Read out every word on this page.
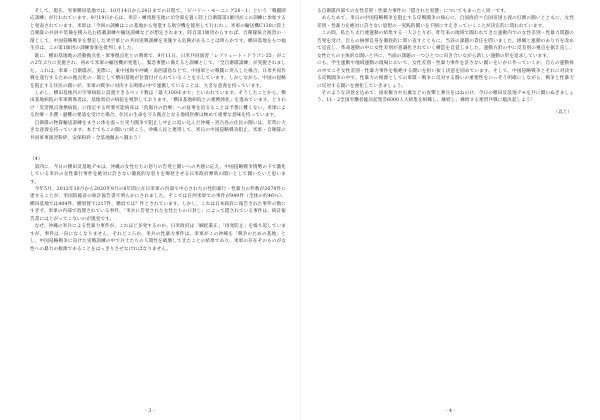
そして、現在、米軍横田基地では、10月14日から24日までの日程で、「ビバリー・モーニング26－1」という「戦闘即応訓練」が行われています。9月19日からは、米京・練馬駐屯地に司令部を置く陸上自衛隊第1師団がこの訓練に参加すると発表されています。米軍は「今回の訓練はこの基地から発進する航空機を使用して行われ」、米軍の輸送機C130に陸上自衛隊の兵員や装備を積み込む搭載訓練や輸送訓練などが想定されます。陸自第1師団からすれば、自衛隊統合演習の一環として、中国侵略戦争を想定した米空軍との共同実戦訓練を実施する危険があることは明らかです。横田基地をもつ福生市は、この第1師団の訓練参加を批判しました。

既に、横田基地地の活動拠点化・軍事拠点化との関係で、9月11日、日米共同演習「レゾリュート・ドラゴン25」がこの2年ぶりに実施され、初めて米軍の輸送機が発進し、緊急事態に備えると訓練として、「全自衛隊訓練」が実施されました。これは、米軍・自衛隊が、実際に、東中国海や沖縄・南西諸島などで、中国軍との戦闘に突入した場合、日米共同作戦を遂行するための拠点化の一環として横田基地が位置付けられていることを示しています。しかしながら、中国の侵略を阻止する住民の闘いが、米軍の戦争に対決する関係の中で運搬していることは、大きな意義を持っています。

しかし、横田基地内の空軍病院に設置できるベッド数は「最大100床まで」といわれています。そうしたことから、横田基地病院の米軍関係者は、基地周辺の病院を視察しております。「横田基地病院との連携強化」を進めています。とりわけ「災害拠点連携病院」に指定する所要可能病床は「負傷兵の治療」への従事を迫るることは予想に難くない。米軍による医療・介護・避難の要請を受けた場合、住民の生命を守る拠点となる地域医療は極めて重要な意味を持っています。

自衛隊の物資輸送訓練をまさに体を張った実力闘争で阻止し中止に追い込んだ沖縄・宮古島の住民の闘いは、非常に大きな意義を持っています。本土でもこの闘いに続こう。沖縄人民と連帯して、米日の中国侵略戦争阻止、米軍・自衛隊の共同軍事演習粉砕、安保粉砕・全基地撤去へ闘おう！

（4）

第四に、今日の横田反基地デモは、沖縄の女性たちの怒りの告発と闘いへの共感に応え、中国侵略戦争情勢の下で激化している米兵の女性暴行事件を絶対に許さない徹底的な怒りを爆発させる日米政府弾劾の闘いとして闘いたいと思います。

今年5月、2012年10月から2020年9月の8年間に在日米軍の内部で中心されたの性的暴行・性暴力の件数が2070件に達することが、米国防総省の統計報告書で明らかにされました。そこでは在沖米軍での事件が949件（全体の約46％）、横田基地では404件、横須賀では17件、横浜では？件とされています。しかし、これは日本政府に報告された事件の数にすぎず、米軍の内部で処理されている事件、「米兵に告発された女性たちの口封じ」によって隠されている事件は、統計報告書には上がってこないのが現実です。

なぜ、沖縄の米兵による性暴力事件が、これほど多発するのか。日米政府は「綱紀粛正」「再発防止」を繰り返していますが、事件は一向になくなりません。それどころか、米兵の性暴力事件は、米軍がこの沖縄を「戦争のための基地」とし、中国侵略戦争に向けた実戦訓練の中で兵士たちの人間性を破壊してきたことの結果であり、米軍の存在そのものが女性への暴力の根源であることをはっきりさせなければなりません。

- 3 -

る自衛隊内部での女性差別・性暴力事件の「隠された実態」についてもまったく同一です。

あらためて、米日の中国侵略戦争を阻止する反戦闘争の核心に、自国政府＝自国帝国主義の打倒の闘いとともに、女性差別・性暴力を絶対に許さない思想の一実践的闘いを不断にすえきっていくことが決定的に問われています。

この間、私たち太行連運動の結集する一人ひとりが、昨年来の地域で闘われてきた運動内での女性差別・性暴力問題の告発を受け、自らの糾弾自身を徹底的に問い直すとともに、当該の課題の責任を問いました。組織と運動のあり方を改めて見直し、革命運動の中に女性差別が意識化されていく構造を自覚しました。運動方針の中に反差別の視点を据え直し、女性たちの主体的な闘いと共に、当面の課題の一つひとつに向き合いながら新しい運動の形を追求しています。

にも、学生運動や地域運動の現場において、女性差別・性暴力事件を許さない闘いをいかに作っていくか、自らの運動体の中でこそ女性差別・性暴力事件を根絶する闘いを担い抜く決意を固めています。そして、中国侵略戦争とそれに対決する反戦闘争の中で、性暴力の根源としての軍隊・戦争に反対する闘いの重要性をいっそう明確にしながら、戦争と性暴力に反対する闘いを強化していきましょう。

そのような決意を込めて、国家権力や右翼などの攻撃と弾圧をはねのけ、今日の横田反基地デモを共に闘いぬきましょう。11・2全国労働者総決起集会6000人大結集を組織し、継続し、継続する連帯共戦に総決起しよう！

（以上）

- 4 -
